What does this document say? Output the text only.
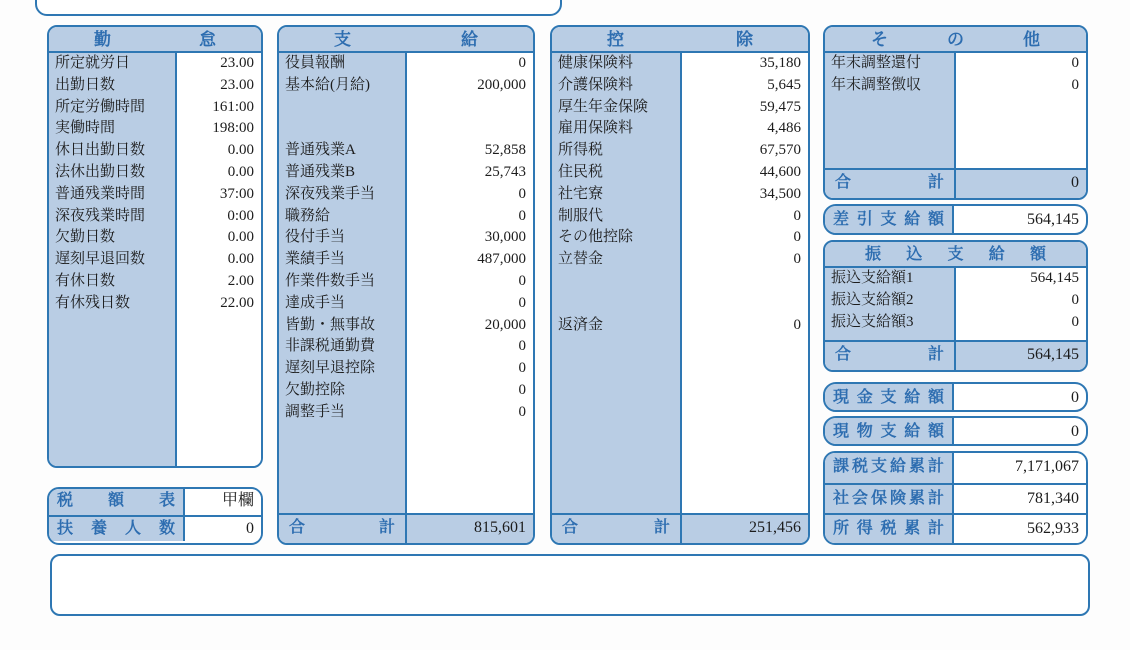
勤怠
所定就労日	23.00
出勤日数	23.00
所定労働時間	161:00
実働時間	198:00
休日出勤日数	0.00
法休出勤日数	0.00
普通残業時間	37:00
深夜残業時間	0:00
欠勤日数	0.00
遅刻早退回数	0.00
有休日数	2.00
有休残日数	22.00
税額表	甲欄
扶養人数	0
支給
役員報酬	0
基本給(月給)	200,000
普通残業A	52,858
普通残業B	25,743
深夜残業手当	0
職務給	0
役付手当	30,000
業績手当	487,000
作業件数手当	0
達成手当	0
皆勤・無事故	20,000
非課税通勤費	0
遅刻早退控除	0
欠勤控除	0
調整手当	0
合計	815,601
控除
健康保険料	35,180
介護保険料	5,645
厚生年金保険	59,475
雇用保険料	4,486
所得税	67,570
住民税	44,600
社宅寮	34,500
制服代	0
その他控除	0
立替金	0
返済金	0
合計	251,456
その他
年末調整還付	0
年末調整徴収	0
合計	0
差引支給額	564,145
振込支給額
振込支給額1	564,145
振込支給額2	0
振込支給額3	0
合計	564,145
現金支給額	0
現物支給額	0
課税支給累計	7,171,067
社会保険累計	781,340
所得税累計	562,933
